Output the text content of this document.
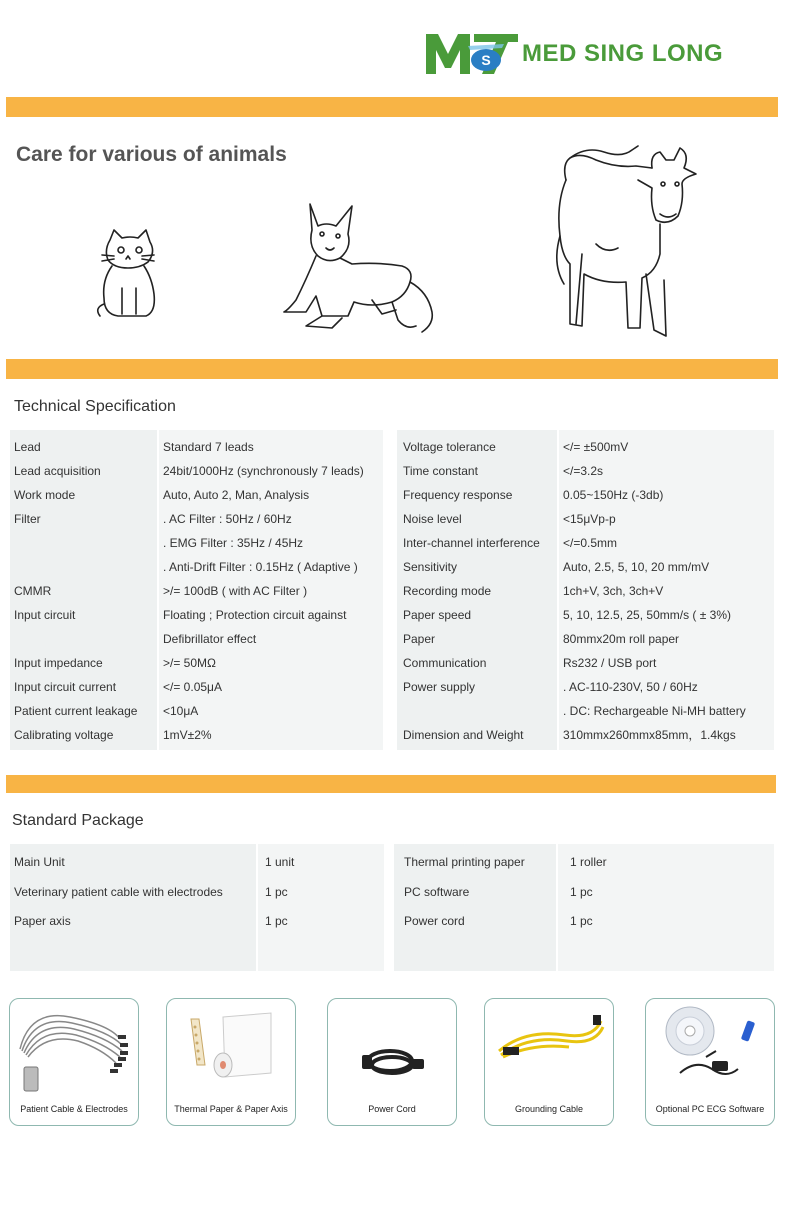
S MED SING LONG
Care for various of animals
Technical Specification
Lead	Standard 7 leads
Lead acquisition	24bit/1000Hz (synchronously 7 leads)
Work mode	Auto, Auto 2, Man, Analysis
Filter	. AC Filter : 50Hz / 60Hz
. EMG Filter : 35Hz / 45Hz
. Anti-Drift Filter : 0.15Hz ( Adaptive )
CMMR	>/= 100dB ( with AC Filter )
Input circuit	Floating ; Protection circuit against
Defibrillator effect
Input impedance	>/= 50MΩ
Input circuit current	</= 0.05μA
Patient current leakage <10μA
Calibrating voltage	1mV±2%
Voltage tolerance	</= ±500mV
Time constant	</=3.2s
Frequency response	0.05~150Hz (-3db)
Noise level	<15μVp-p
Inter-channel interference </=0.5mm
Sensitivity	Auto, 2.5, 5, 10, 20 mm/mV
Recording mode	1ch+V, 3ch, 3ch+V
Paper speed	5, 10, 12.5, 25, 50mm/s ( ± 3%)
Paper	80mmx20m roll paper
Communication	Rs232 / USB port
Power supply	. AC-110-230V, 50 / 60Hz
. DC: Rechargeable Ni-MH battery
Dimension and Weight	310mmx260mmx85mm，1.4kgs
Standard Package
Main Unit	1 unit
Veterinary patient cable with electrodes	1 pc
Paper axis	1 pc
Thermal printing paper	1 roller
PC software	1 pc
Power cord	1 pc
Patient Cable & Electrodes	Thermal Paper & Paper Axis	Power Cord	Grounding Cable	Optional PC ECG Software
